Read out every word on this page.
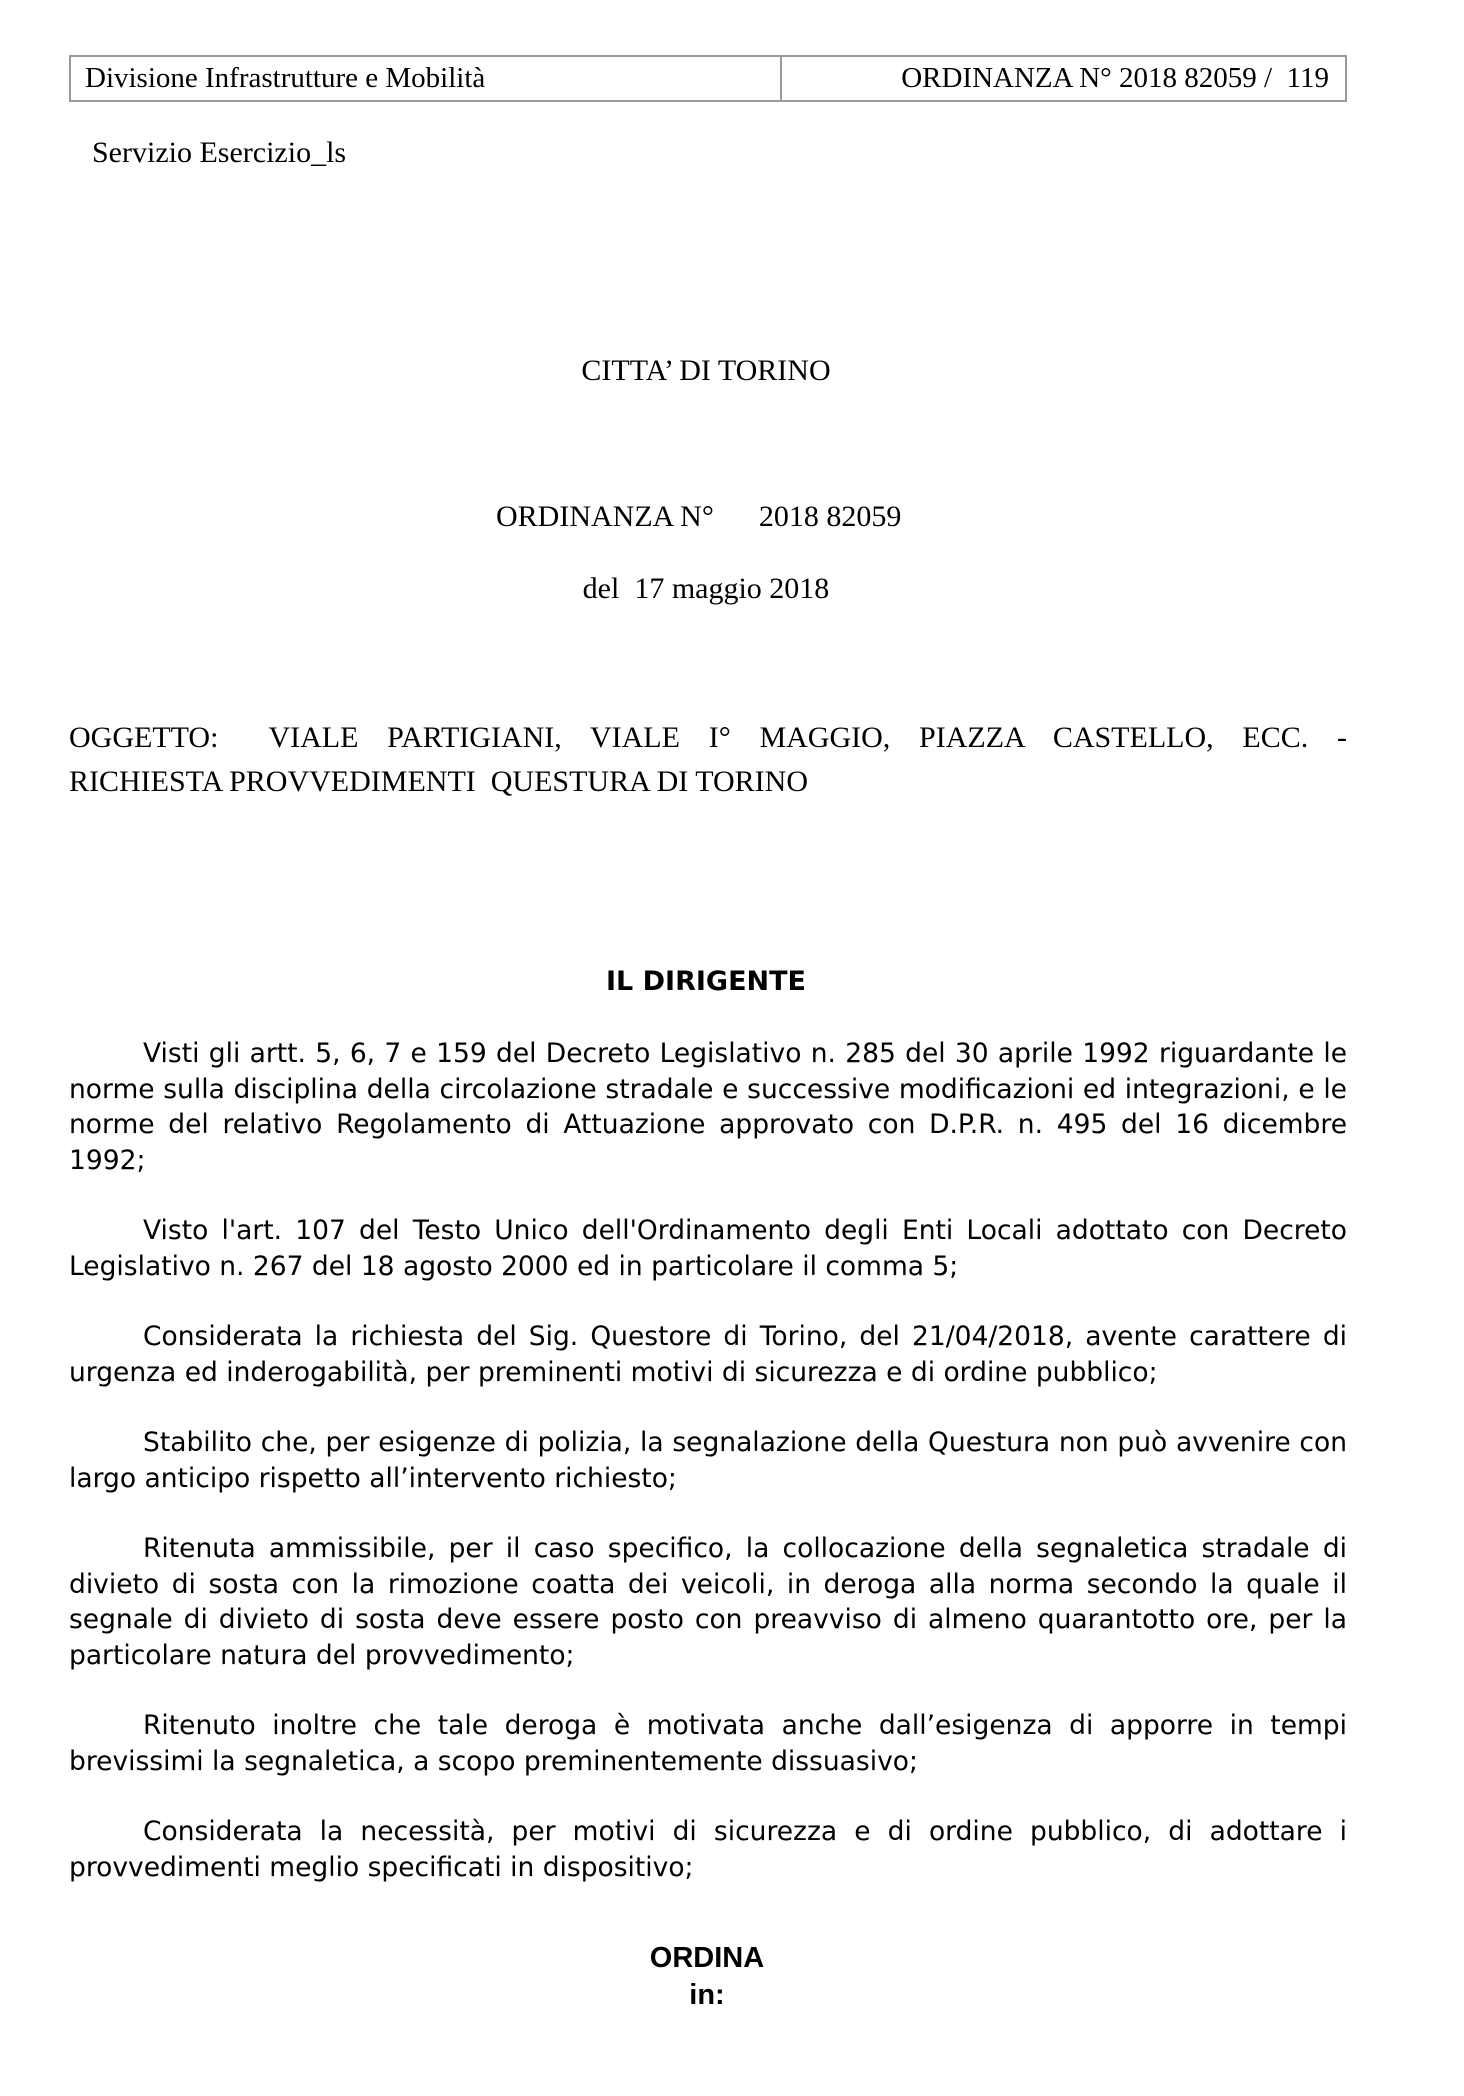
Divisione Infrastrutture e Mobilità	ORDINANZA N° 2018 82059 /  119
Servizio Esercizio_ls
CITTA’ DI TORINO
ORDINANZA N° 2018 82059
del  17 maggio 2018
OGGETTO: VIALE PARTIGIANI, VIALE I° MAGGIO, PIAZZA CASTELLO, ECC. -
RICHIESTA PROVVEDIMENTI  QUESTURA DI TORINO
IL DIRIGENTE

Visti gli artt. 5, 6, 7 e 159 del Decreto Legislativo n. 285 del 30 aprile 1992 riguardante le norme sulla disciplina della circolazione stradale e successive modificazioni ed integrazioni, e le norme del relativo Regolamento di Attuazione approvato con D.P.R. n. 495 del 16 dicembre 1992;

Visto l'art. 107 del Testo Unico dell'Ordinamento degli Enti Locali adottato con Decreto Legislativo n. 267 del 18 agosto 2000 ed in particolare il comma 5;

Considerata la richiesta del Sig. Questore di Torino, del 21/04/2018, avente carattere di urgenza ed inderogabilità, per preminenti motivi di sicurezza e di ordine pubblico;

Stabilito che, per esigenze di polizia, la segnalazione della Questura non può avvenire con largo anticipo rispetto all’intervento richiesto;

Ritenuta ammissibile, per il caso specifico, la collocazione della segnaletica stradale di divieto di sosta con la rimozione coatta dei veicoli, in deroga alla norma secondo la quale il segnale di divieto di sosta deve essere posto con preavviso di almeno quarantotto ore, per la particolare natura del provvedimento;

Ritenuto inoltre che tale deroga è motivata anche dall’esigenza di apporre in tempi brevissimi la segnaletica, a scopo preminentemente dissuasivo;

Considerata la necessità, per motivi di sicurezza e di ordine pubblico, di adottare i provvedimenti meglio specificati in dispositivo;

ORDINA
in:
